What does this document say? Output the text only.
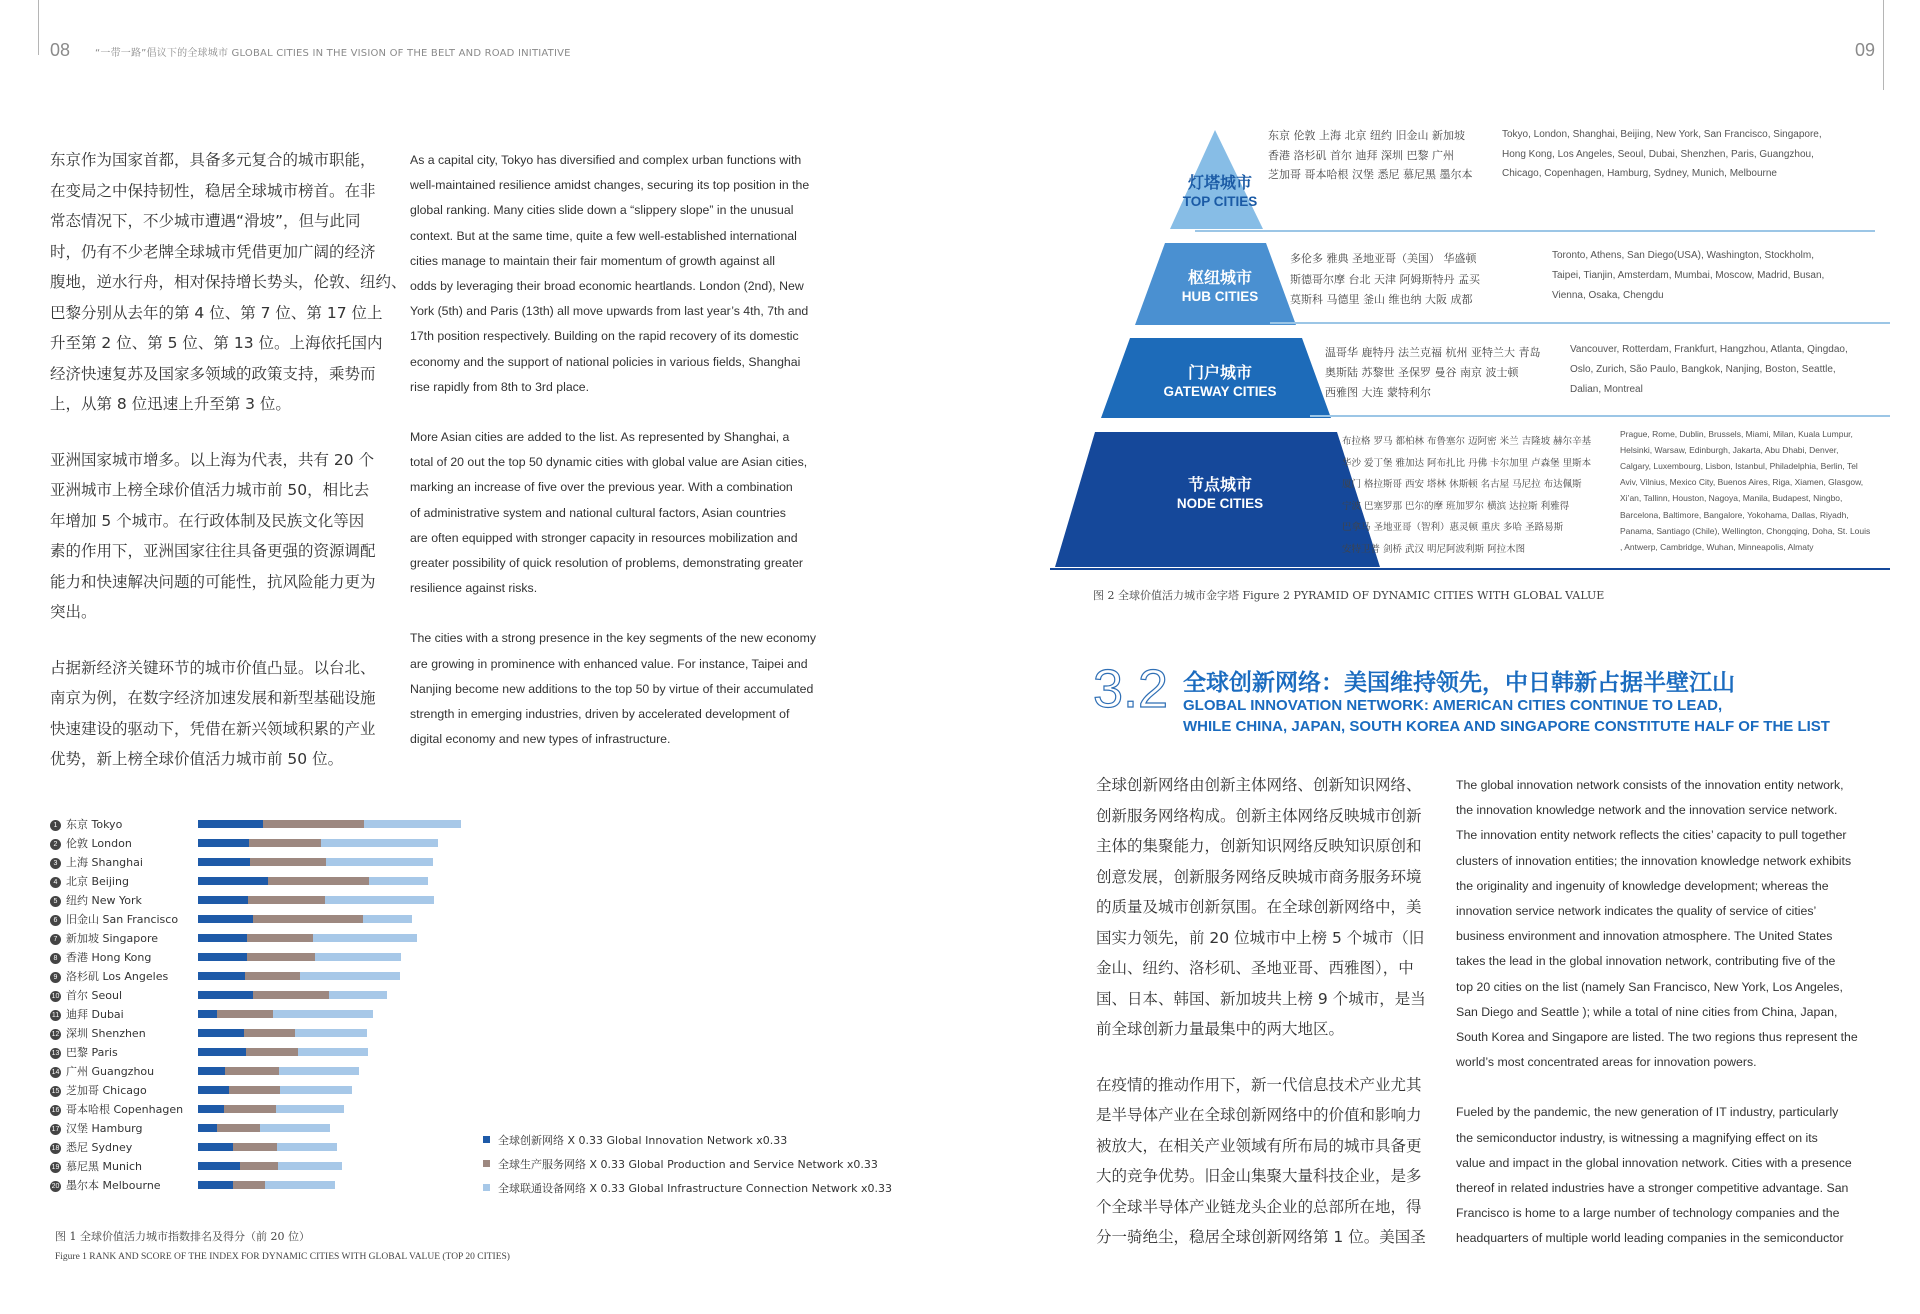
08 “一带一路”倡议下的全球城市 GLOBAL CITIES IN THE VISION OF THE BELT AND ROAD INITIATIVE	09
东京作为国家首都，具备多元复合的城市职能，
在变局之中保持韧性，稳居全球城市榜首。在非
常态情况下，不少城市遭遇“滑坡”，但与此同
时，仍有不少老牌全球城市凭借更加广阔的经济
腹地，逆水行舟，相对保持增长势头，伦敦、纽约、
巴黎分别从去年的第 4 位、第 7 位、第 17 位上
升至第 2 位、第 5 位、第 13 位。上海依托国内
经济快速复苏及国家多领域的政策支持，乘势而
上，从第 8 位迅速上升至第 3 位。
亚洲国家城市增多。以上海为代表，共有 20 个
亚洲城市上榜全球价值活力城市前 50，相比去
年增加 5 个城市。在行政体制及民族文化等因
素的作用下，亚洲国家往往具备更强的资源调配
能力和快速解决问题的可能性，抗风险能力更为
突出。
占据新经济关键环节的城市价值凸显。以台北、
南京为例，在数字经济加速发展和新型基础设施
快速建设的驱动下，凭借在新兴领域积累的产业
优势，新上榜全球价值活力城市前 50 位。
As a capital city, Tokyo has diversified and complex urban functions with
well-maintained resilience amidst changes, securing its top position in the
global ranking. Many cities slide down a “slippery slope” in the unusual
context. But at the same time, quite a few well-established international
cities manage to maintain their fair momentum of growth against all
odds by leveraging their broad economic heartlands. London (2nd), New
York (5th) and Paris (13th) all move upwards from last year’s 4th, 7th and
17th position respectively. Building on the rapid recovery of its domestic
economy and the support of national policies in various fields, Shanghai
rise rapidly from 8th to 3rd place.
More Asian cities are added to the list. As represented by Shanghai, a
total of 20 out the top 50 dynamic cities with global value are Asian cities,
marking an increase of five over the previous year. With a combination
of administrative system and national cultural factors, Asian countries
are often equipped with stronger capacity in resources mobilization and
greater possibility of quick resolution of problems, demonstrating greater
resilience against risks.
The cities with a strong presence in the key segments of the new economy
are growing in prominence with enhanced value. For instance, Taipei and
Nanjing become new additions to the top 50 by virtue of their accumulated
strength in emerging industries, driven by accelerated development of
digital economy and new types of infrastructure.
1 东京 Tokyo
2 伦敦 London
3 上海 Shanghai
4 北京 Beijing
5 纽约 New York
6 旧金山 San Francisco
7 新加坡 Singapore
8 香港 Hong Kong
9 洛杉矶 Los Angeles
10 首尔 Seoul
11 迪拜 Dubai
12 深圳 Shenzhen
13 巴黎 Paris
14 广州 Guangzhou
15 芝加哥 Chicago
16 哥本哈根 Copenhagen
17 汉堡 Hamburg
18 悉尼 Sydney
19 慕尼黑 Munich
20 墨尔本 Melbourne
全球创新网络 X 0.33 Global Innovation Network x0.33
全球生产服务网络 X 0.33 Global Production and Service Network x0.33
全球联通设备网络 X 0.33 Global Infrastructure Connection Network x0.33
图 1 全球价值活力城市指数排名及得分（前 20 位）
Figure 1 RANK AND SCORE OF THE INDEX FOR DYNAMIC CITIES WITH GLOBAL VALUE (TOP 20 CITIES)
灯塔城市
TOP CITIES
东京 伦敦 上海 北京 纽约 旧金山 新加坡
香港 洛杉矶 首尔 迪拜 深圳 巴黎 广州
芝加哥 哥本哈根 汉堡 悉尼 慕尼黑 墨尔本
Tokyo, London, Shanghai, Beijing, New York, San Francisco, Singapore,
Hong Kong, Los Angeles, Seoul, Dubai, Shenzhen, Paris, Guangzhou,
Chicago, Copenhagen, Hamburg, Sydney, Munich, Melbourne
枢纽城市
HUB CITIES
多伦多 雅典 圣地亚哥（美国） 华盛顿
斯德哥尔摩 台北 天津 阿姆斯特丹 孟买
莫斯科 马德里 釜山 维也纳 大阪 成都
Toronto, Athens, San Diego(USA), Washington, Stockholm,
Taipei, Tianjin, Amsterdam, Mumbai, Moscow, Madrid, Busan,
Vienna, Osaka, Chengdu
门户城市
GATEWAY CITIES
温哥华 鹿特丹 法兰克福 杭州 亚特兰大 青岛
奥斯陆 苏黎世 圣保罗 曼谷 南京 波士顿
西雅图 大连 蒙特利尔
Vancouver, Rotterdam, Frankfurt, Hangzhou, Atlanta, Qingdao,
Oslo, Zurich, São Paulo, Bangkok, Nanjing, Boston, Seattle,
Dalian, Montreal
节点城市
NODE CITIES
布拉格 罗马 都柏林 布鲁塞尔 迈阿密 米兰 吉隆坡 赫尔辛基
华沙 爱丁堡 雅加达 阿布扎比 丹佛 卡尔加里 卢森堡 里斯本
厦门 格拉斯哥 西安 塔林 休斯顿 名古屋 马尼拉 布达佩斯
宁波 巴塞罗那 巴尔的摩 班加罗尔 横滨 达拉斯 利雅得
巴拿马 圣地亚哥（智利）惠灵顿 重庆 多哈 圣路易斯
安特卫普 剑桥 武汉 明尼阿波利斯 阿拉木图
Prague, Rome, Dublin, Brussels, Miami, Milan, Kuala Lumpur,
Helsinki, Warsaw, Edinburgh, Jakarta, Abu Dhabi, Denver,
Calgary, Luxembourg, Lisbon, Istanbul, Philadelphia, Berlin, Tel
Aviv, Vilnius, Mexico City, Buenos Aires, Riga, Xiamen, Glasgow,
Xi’an, Tallinn, Houston, Nagoya, Manila, Budapest, Ningbo,
Barcelona, Baltimore, Bangalore, Yokohama, Dallas, Riyadh,
Panama, Santiago (Chile), Wellington, Chongqing, Doha, St. Louis
, Antwerp, Cambridge, Wuhan, Minneapolis, Almaty
图 2 全球价值活力城市金字塔 Figure 2 PYRAMID OF DYNAMIC CITIES WITH GLOBAL VALUE
3.2 全球创新网络：美国维持领先，中日韩新占据半壁江山
GLOBAL INNOVATION NETWORK: AMERICAN CITIES CONTINUE TO LEAD,
WHILE CHINA, JAPAN, SOUTH KOREA AND SINGAPORE CONSTITUTE HALF OF THE LIST
全球创新网络由创新主体网络、创新知识网络、
创新服务网络构成。创新主体网络反映城市创新
主体的集聚能力，创新知识网络反映知识原创和
创意发展，创新服务网络反映城市商务服务环境
的质量及城市创新氛围。在全球创新网络中，美
国实力领先，前 20 位城市中上榜 5 个城市（旧
金山、纽约、洛杉矶、圣地亚哥、西雅图），中
国、日本、韩国、新加坡共上榜 9 个城市，是当
前全球创新力量最集中的两大地区。
在疫情的推动作用下，新一代信息技术产业尤其
是半导体产业在全球创新网络中的价值和影响力
被放大，在相关产业领域有所布局的城市具备更
大的竞争优势。旧金山集聚大量科技企业，是多
个全球半导体产业链龙头企业的总部所在地，得
分一骑绝尘，稳居全球创新网络第 1 位。美国圣
The global innovation network consists of the innovation entity network,
the innovation knowledge network and the innovation service network.
The innovation entity network reflects the cities’ capacity to pull together
clusters of innovation entities; the innovation knowledge network exhibits
the originality and ingenuity of knowledge development; whereas the
innovation service network indicates the quality of service of cities’
business environment and innovation atmosphere. The United States
takes the lead in the global innovation network, contributing five of the
top 20 cities on the list (namely San Francisco, New York, Los Angeles,
San Diego and Seattle ); while a total of nine cities from China, Japan,
South Korea and Singapore are listed. The two regions thus represent the
world’s most concentrated areas for innovation powers.
Fueled by the pandemic, the new generation of IT industry, particularly
the semiconductor industry, is witnessing a magnifying effect on its
value and impact in the global innovation network. Cities with a presence
thereof in related industries have a stronger competitive advantage. San
Francisco is home to a large number of technology companies and the
headquarters of multiple world leading companies in the semiconductor
